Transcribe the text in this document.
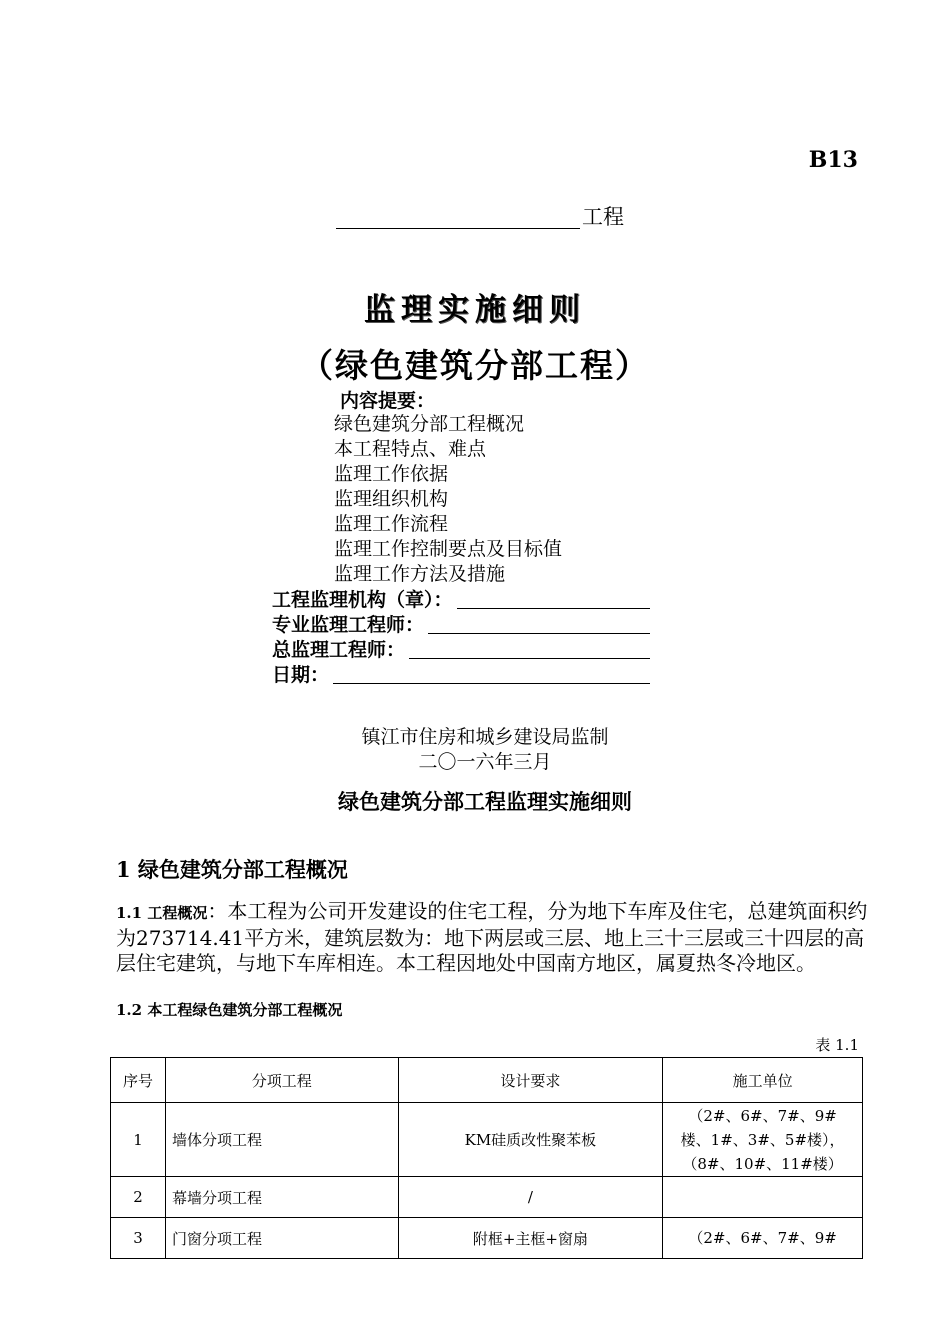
B13
工程
监理实施细则
（绿色建筑分部工程）
内容提要：
绿色建筑分部工程概况
本工程特点、难点
监理工作依据
监理组织机构
监理工作流程
监理工作控制要点及目标值
监理工作方法及措施
工程监理机构（章）：
专业监理工程师：
总监理工程师：
日期：
镇江市住房和城乡建设局监制
二〇一六年三月
绿色建筑分部工程监理实施细则
1 绿色建筑分部工程概况
1.1 工程概况：本工程为公司开发建设的住宅工程，分为地下车库及住宅，总建筑面积约为273714.41平方米，建筑层数为：地下两层或三层、地上三十三层或三十四层的高层住宅建筑，与地下车库相连。本工程因地处中国南方地区，属夏热冬冷地区。
1.2 本工程绿色建筑分部工程概况
表 1.1
序号	分项工程	设计要求	施工单位
1	墙体分项工程	KM硅质改性聚苯板	（2#、6#、7#、9#
楼、1#、3#、5#楼），
（8#、10#、11#楼）
2	幕墙分项工程	/	
3	门窗分项工程	附框+主框+窗扇	（2#、6#、7#、9#
